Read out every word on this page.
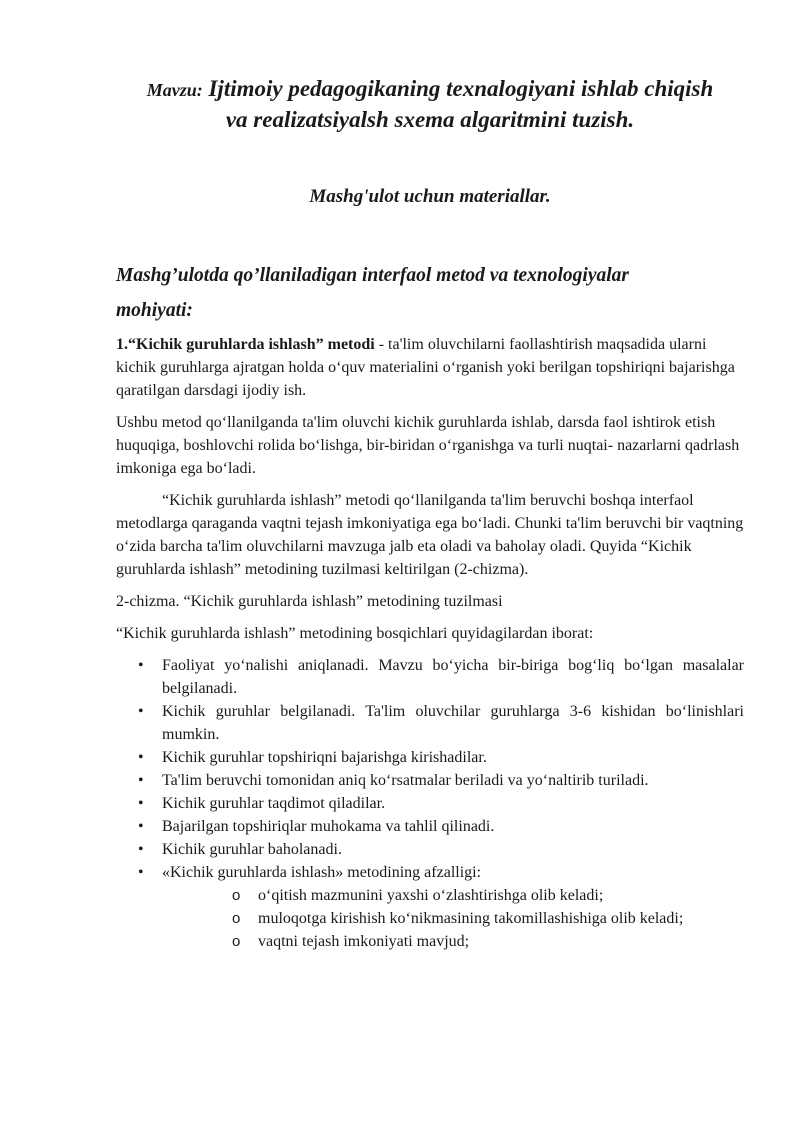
Mavzu: Ijtimoiy pedagogikaning texnalogiyani ishlab chiqish
va realizatsiyalsh sxema algaritmini tuzish.
Mashg'ulot uchun materiallar.
Mashg’ulotda qo’llaniladigan interfaol metod va texnologiyalar
mohiyati:

1.“Kichik guruhlarda ishlash” metodi - ta'lim oluvchilarni faollashtirish maqsadida ularni kichik guruhlarga ajratgan holda o‘quv materialini o‘rganish yoki berilgan topshiriqni bajarishga qaratilgan darsdagi ijodiy ish.

Ushbu metod qo‘llanilganda ta'lim oluvchi kichik guruhlarda ishlab, darsda faol ishtirok etish huquqiga, boshlovchi rolida bo‘lishga, bir-biridan o‘rganishga va turli nuqtai- nazarlarni qadrlash imkoniga ega bo‘ladi.

“Kichik guruhlarda ishlash” metodi qo‘llanilganda ta'lim beruvchi boshqa interfaol metodlarga qaraganda vaqtni tejash imkoniyatiga ega bo‘ladi. Chunki ta'lim beruvchi bir vaqtning o‘zida barcha ta'lim oluvchilarni mavzuga jalb eta oladi va baholay oladi. Quyida “Kichik guruhlarda ishlash” metodining tuzilmasi keltirilgan (2-chizma).

2-chizma. “Kichik guruhlarda ishlash” metodining tuzilmasi

“Kichik guruhlarda ishlash” metodining bosqichlari quyidagilardan iborat:

• Faoliyat yo‘nalishi aniqlanadi. Mavzu bo‘yicha bir-biriga bog‘liq bo‘lgan masalalar belgilanadi.
• Kichik guruhlar belgilanadi. Ta'lim oluvchilar guruhlarga 3-6 kishidan bo‘linishlari mumkin.
• Kichik guruhlar topshiriqni bajarishga kirishadilar.
• Ta'lim beruvchi tomonidan aniq ko‘rsatmalar beriladi va yo‘naltirib turiladi.
• Kichik guruhlar taqdimot qiladilar.
• Bajarilgan topshiriqlar muhokama va tahlil qilinadi.
• Kichik guruhlar baholanadi.
• «Kichik guruhlarda ishlash» metodining afzalligi:
o o‘qitish mazmunini yaxshi o‘zlashtirishga olib keladi;
o muloqotga kirishish ko‘nikmasining takomillashishiga olib keladi;
o vaqtni tejash imkoniyati mavjud;
